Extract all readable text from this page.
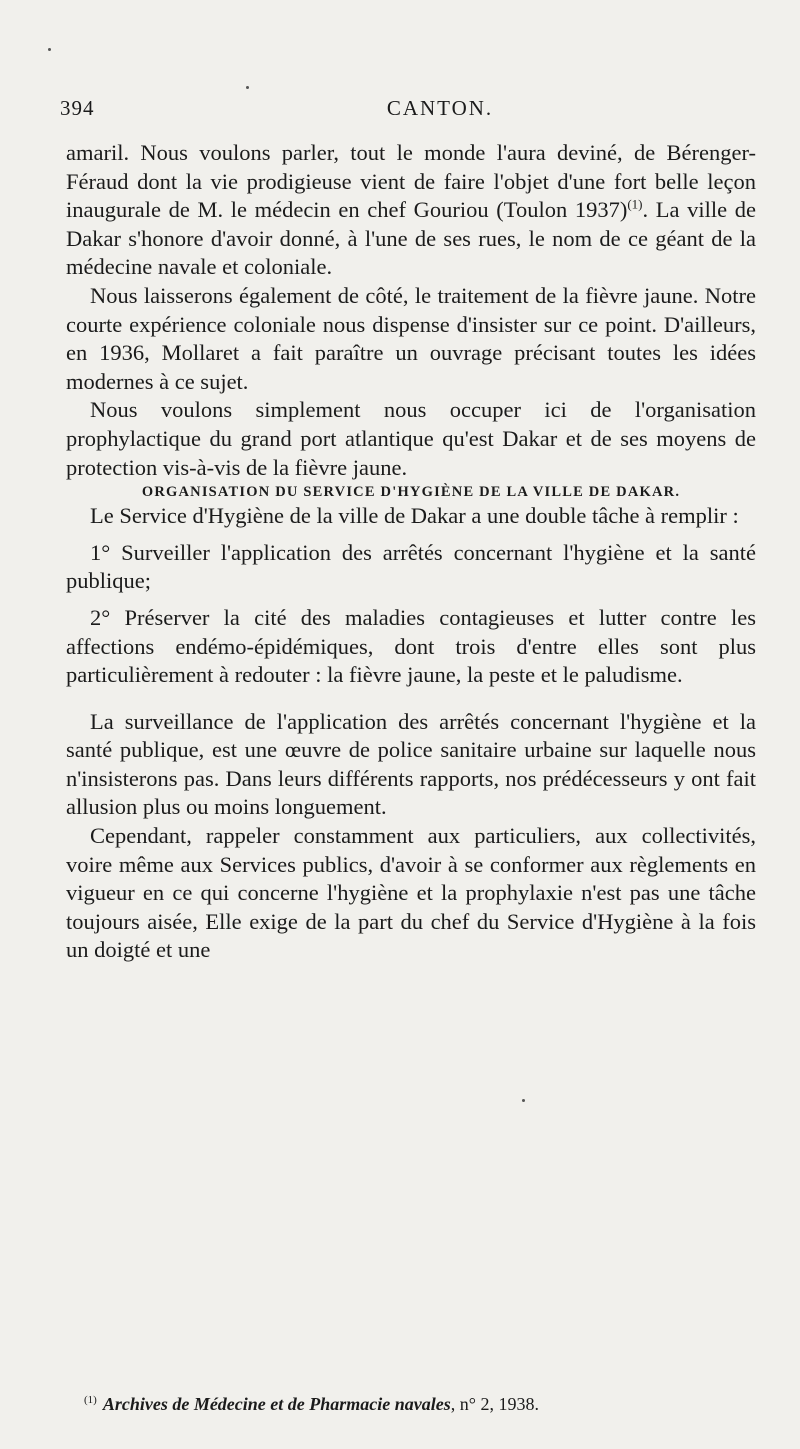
394	CANTON.

amaril. Nous voulons parler, tout le monde l'aura deviné, de Bérenger-Féraud dont la vie prodigieuse vient de faire l'objet d'une fort belle leçon inaugurale de M. le médecin en chef Gouriou (Toulon 1937)$^{(1)}$. La ville de Dakar s'honore d'avoir donné, à l'une de ses rues, le nom de ce géant de la médecine navale et coloniale.

Nous laisserons également de côté, le traitement de la fièvre jaune. Notre courte expérience coloniale nous dispense d'insister sur ce point. D'ailleurs, en 1936, Mollaret a fait paraître un ouvrage précisant toutes les idées modernes à ce sujet.

Nous voulons simplement nous occuper ici de l'organisation prophylactique du grand port atlantique qu'est Dakar et de ses moyens de protection vis-à-vis de la fièvre jaune.

ORGANISATION DU SERVICE D'HYGIÈNE DE LA VILLE DE DAKAR.

Le Service d'Hygiène de la ville de Dakar a une double tâche à remplir :

1° Surveiller l'application des arrêtés concernant l'hygiène et la santé publique;

2° Préserver la cité des maladies contagieuses et lutter contre les affections endémo-épidémiques, dont trois d'entre elles sont plus particulièrement à redouter : la fièvre jaune, la peste et le paludisme.

La surveillance de l'application des arrêtés concernant l'hygiène et la santé publique, est une œuvre de police sanitaire urbaine sur laquelle nous n'insisterons pas. Dans leurs différents rapports, nos prédécesseurs y ont fait allusion plus ou moins longuement.

Cependant, rappeler constamment aux particuliers, aux collectivités, voire même aux Services publics, d'avoir à se conformer aux règlements en vigueur en ce qui concerne l'hygiène et la prophylaxie n'est pas une tâche toujours aisée, Elle exige de la part du chef du Service d'Hygiène à la fois un doigté et une

$^{(1)}$ Archives de Médecine et de Pharmacie navales, n° 2, 1938.
